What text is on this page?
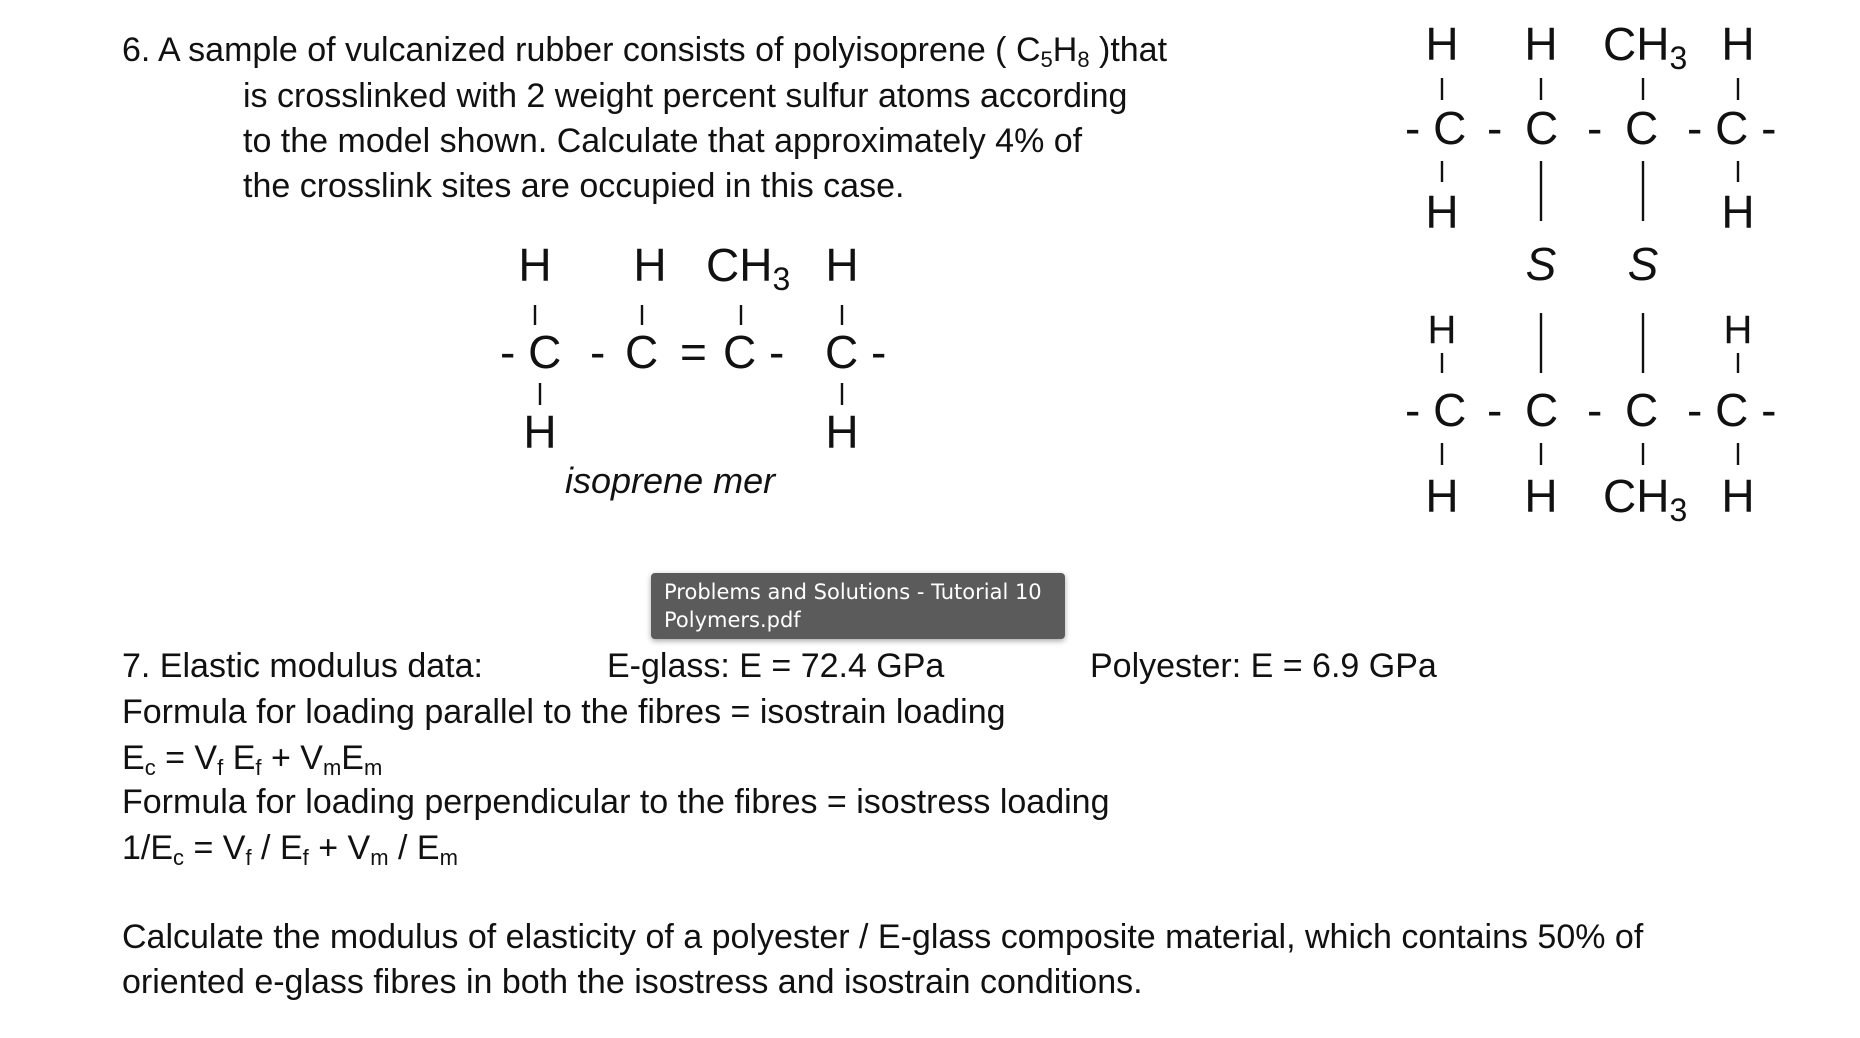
6. A sample of vulcanized rubber consists of polyisoprene ( $C_5H_8$ )that
is crosslinked with 2 weight percent sulfur atoms according
to the model shown. Calculate that approximately 4% of
the crosslink sites are occupied in this case.
H H CH3 H
- C - C = C - C -
H	H
isoprene mer
H H CH3 H
- C - C - C - C -
H	H
S S
H	H
- C - C - C - C -
H H CH3 H
Problems and Solutions - Tutorial 10
Polymers.pdf
7. Elastic modulus data:	E-glass: E = 72.4 GPa	Polyester: E = 6.9 GPa
Formula for loading parallel to the fibres = isostrain loading
$E_c = V_f$ $E_f + V_mE_m$
Formula for loading perpendicular to the fibres = isostress loading
$1/E_c = V_f / E_f + V_m / E_m$
Calculate the modulus of elasticity of a polyester / E-glass composite material, which contains 50% of
oriented e-glass fibres in both the isostress and isostrain conditions.
